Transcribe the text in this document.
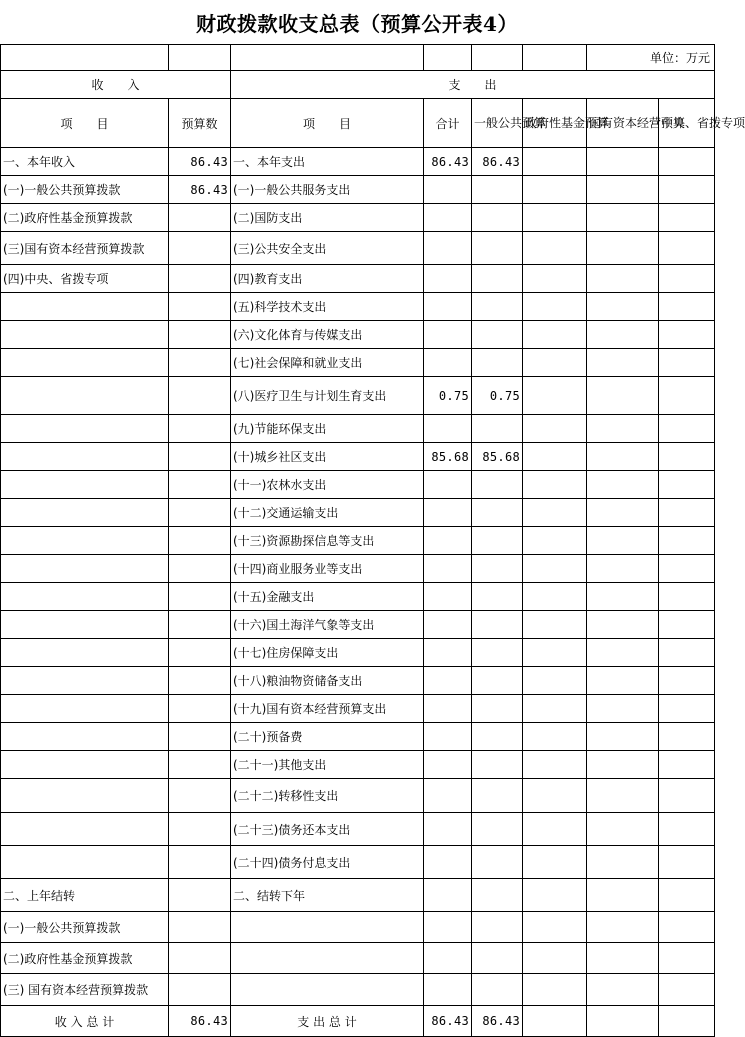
财政拨款收支总表（预算公开表4）
						单位：万元	
收　　入		支　　出					
项　　目	预算数	项　　目	合计	一般公共预算	政府性基金预算	国有资本经营预算	中央、省拨专项
一、本年收入	86.43	一、本年支出	86.43	86.43			
(一)一般公共预算拨款	86.43	(一)一般公共服务支出					
(二)政府性基金预算拨款		(二)国防支出					
(三)国有资本经营预算拨款		(三)公共安全支出					
(四)中央、省拨专项		(四)教育支出					
		(五)科学技术支出					
		(六)文化体育与传媒支出					
		(七)社会保障和就业支出					
		(八)医疗卫生与计划生育支出	0.75	0.75			
		(九)节能环保支出					
		(十)城乡社区支出	85.68	85.68			
		(十一)农林水支出					
		(十二)交通运输支出					
		(十三)资源勘探信息等支出					
		(十四)商业服务业等支出					
		(十五)金融支出					
		(十六)国土海洋气象等支出					
		(十七)住房保障支出					
		(十八)粮油物资储备支出					
		(十九)国有资本经营预算支出					
		(二十)预备费					
		(二十一)其他支出					
		(二十二)转移性支出					
		(二十三)债务还本支出					
		(二十四)债务付息支出					
二、上年结转		二、结转下年					
(一)一般公共预算拨款							
(二)政府性基金预算拨款							
(三) 国有资本经营预算拨款							
收 入 总 计	86.43	支 出 总 计	86.43	86.43			
